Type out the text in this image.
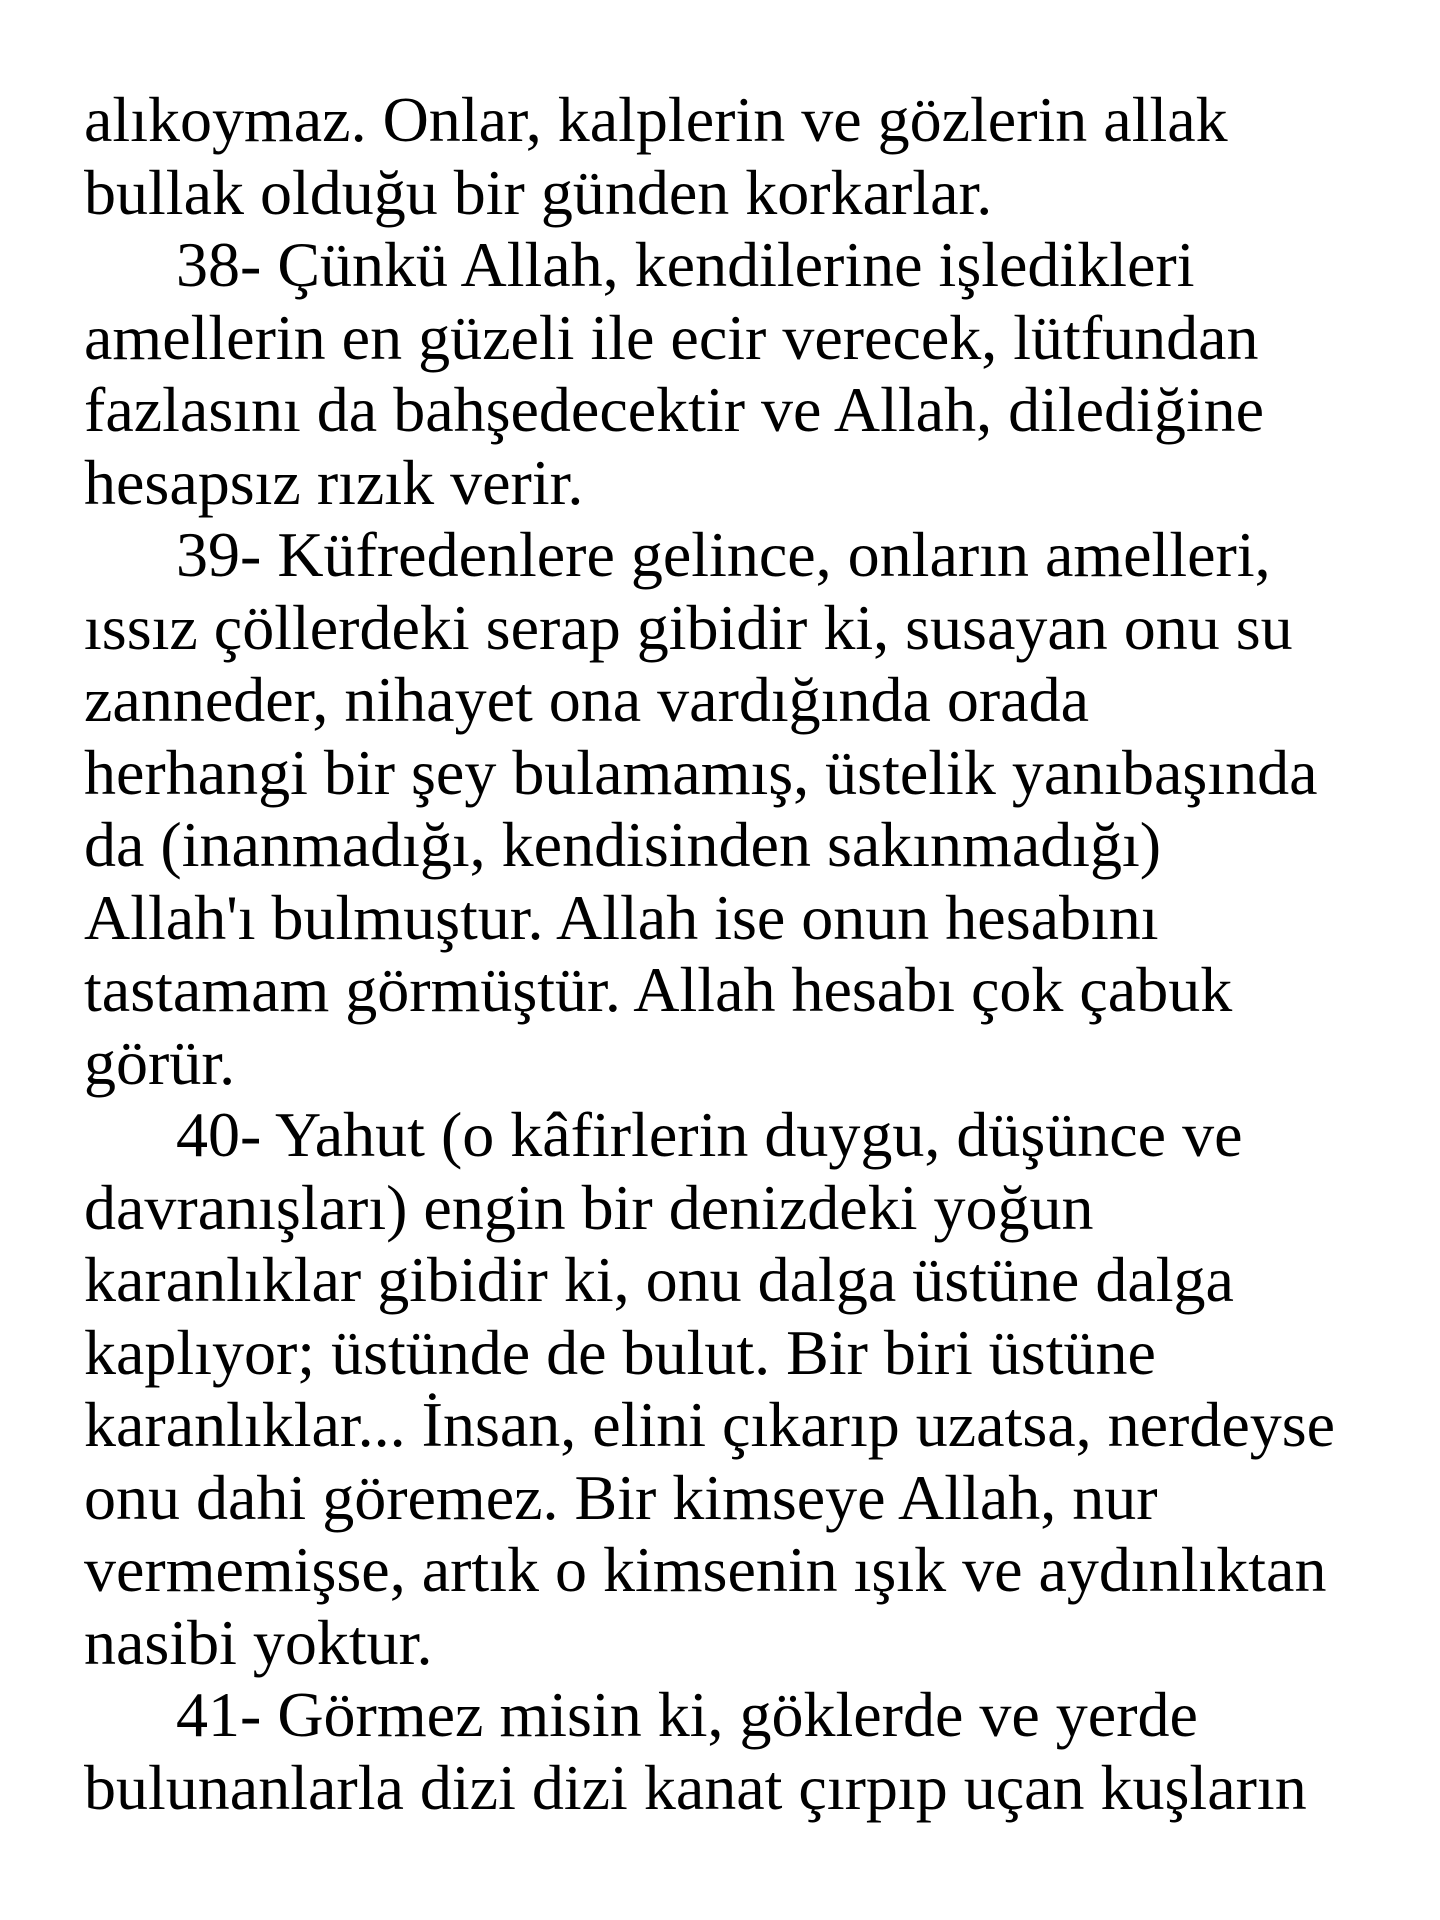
alıkoymaz. Onlar, kalplerin ve gözlerin allak
bullak olduğu bir günden korkarlar.
38- Çünkü Allah, kendilerine işledikleri
amellerin en güzeli ile ecir verecek, lütfundan
fazlasını da bahşedecektir ve Allah, dilediğine
hesapsız rızık verir.
39- Küfredenlere gelince, onların amelleri,
ıssız çöllerdeki serap gibidir ki, susayan onu su
zanneder, nihayet ona vardığında orada
herhangi bir şey bulamamış, üstelik yanıbaşında
da (inanmadığı, kendisinden sakınmadığı)
Allah'ı bulmuştur. Allah ise onun hesabını
tastamam görmüştür. Allah hesabı çok çabuk
görür.
40- Yahut (o kâfirlerin duygu, düşünce ve
davranışları) engin bir denizdeki yoğun
karanlıklar gibidir ki, onu dalga üstüne dalga
kaplıyor; üstünde de bulut. Bir biri üstüne
karanlıklar... İnsan, elini çıkarıp uzatsa, nerdeyse
onu dahi göremez. Bir kimseye Allah, nur
vermemişse, artık o kimsenin ışık ve aydınlıktan
nasibi yoktur.
41- Görmez misin ki, göklerde ve yerde
bulunanlarla dizi dizi kanat çırpıp uçan kuşların
